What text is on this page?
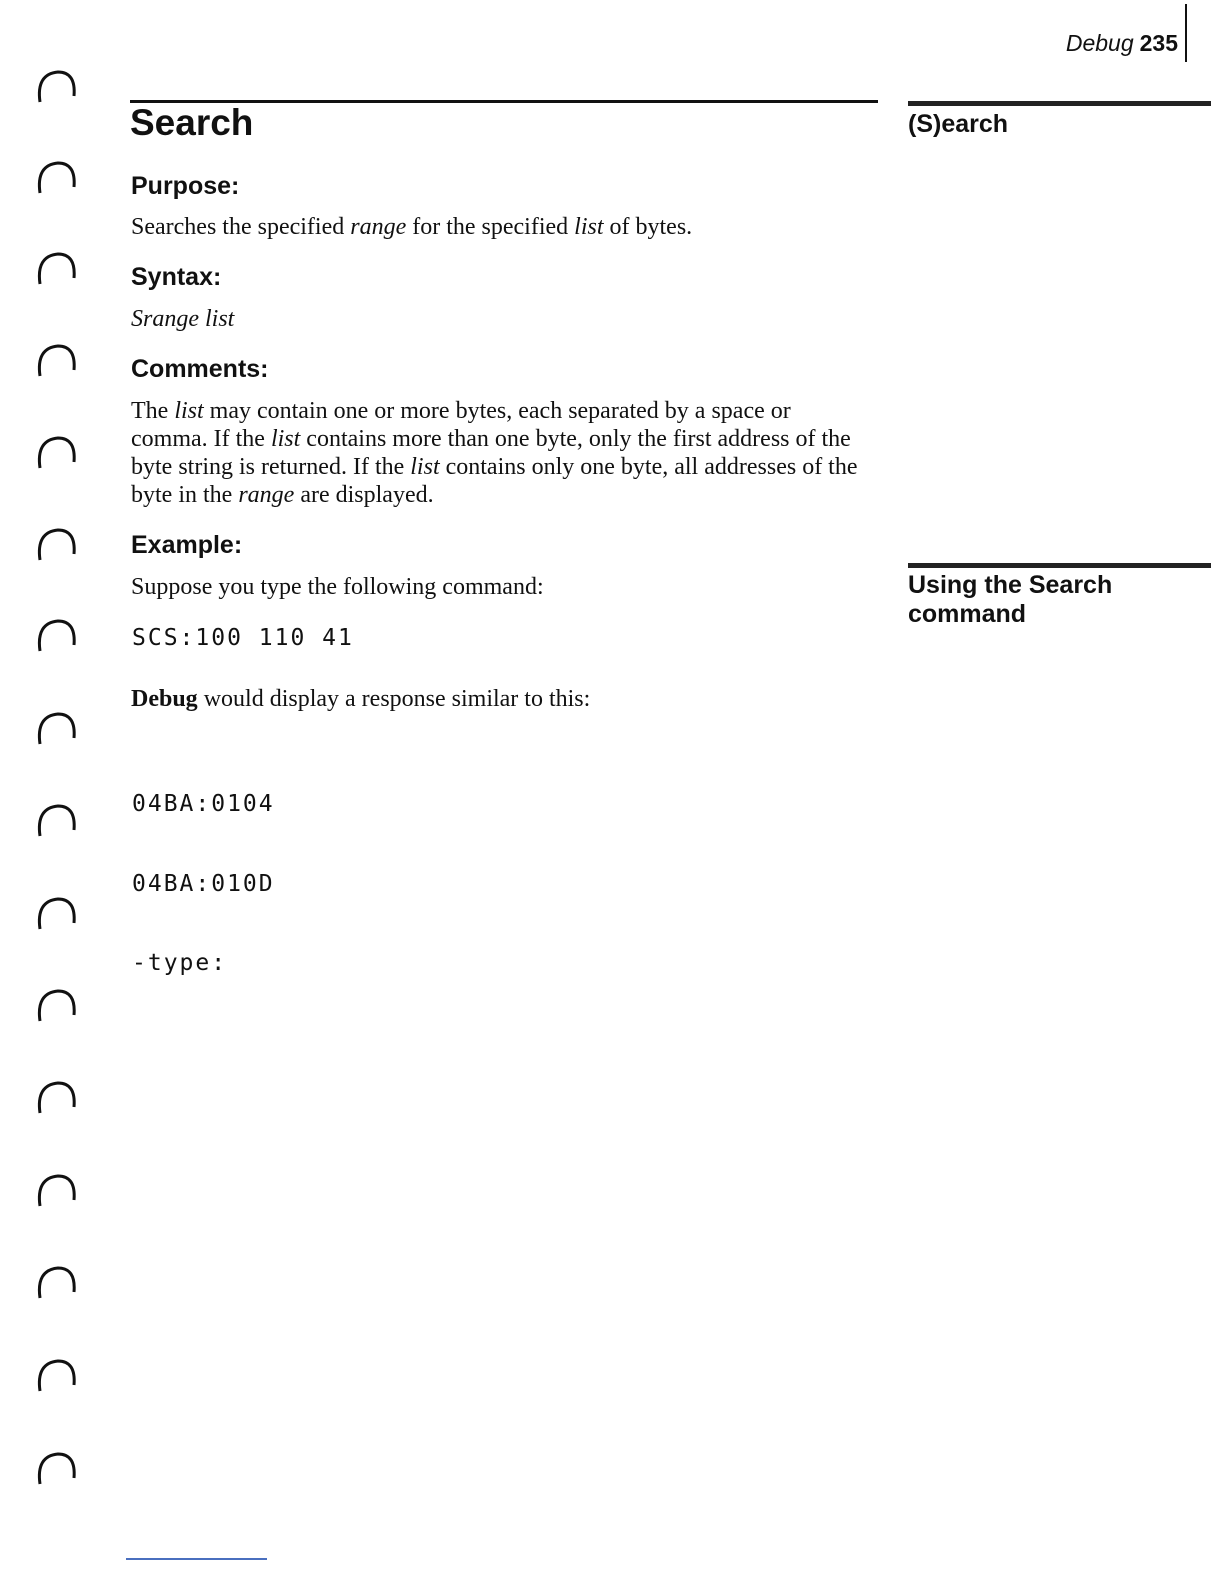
Debug 235
Search	(S)earch

Using the Search command

Purpose:

Searches the specified range for the specified list of bytes.

Syntax:

Srange list

Comments:

The list may contain one or more bytes, each separated by a space or comma. If the list contains more than one byte, only the first address of the byte string is returned. If the list contains only one byte, all addresses of the byte in the range are displayed.

Example:

Suppose you type the following command:

SCS:100 110 41

Debug would display a response similar to this:

04BA:0104

04BA:010D

-type:
